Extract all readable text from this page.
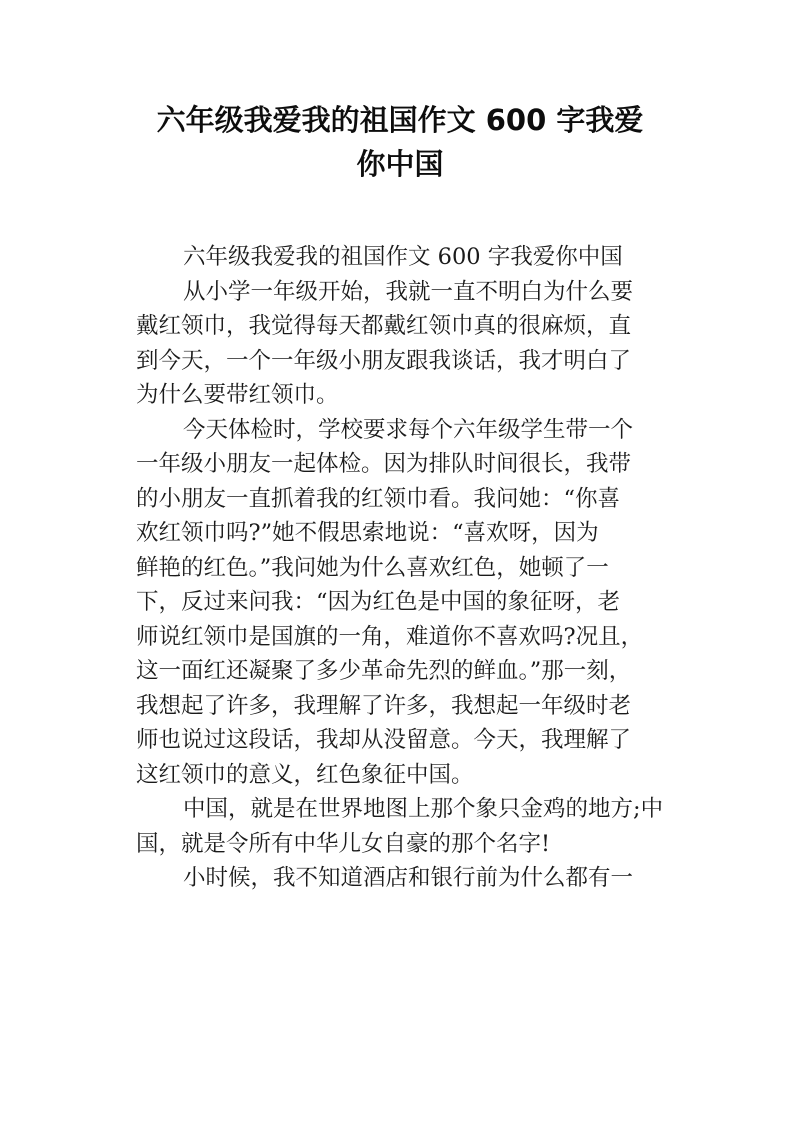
六年级我爱我的祖国作文 600 字我爱
你中国
六年级我爱我的祖国作文 600 字我爱你中国
从小学一年级开始，我就一直不明白为什么要
戴红领巾，我觉得每天都戴红领巾真的很麻烦，直
到今天，一个一年级小朋友跟我谈话，我才明白了
为什么要带红领巾。
今天体检时，学校要求每个六年级学生带一个
一年级小朋友一起体检。因为排队时间很长，我带
的小朋友一直抓着我的红领巾看。我问她：“你喜
欢红领巾吗?”她不假思索地说：“喜欢呀，因为
鲜艳的红色。”我问她为什么喜欢红色，她顿了一
下，反过来问我：“因为红色是中国的象征呀，老
师说红领巾是国旗的一角，难道你不喜欢吗?况且，
这一面红还凝聚了多少革命先烈的鲜血。”那一刻，
我想起了许多，我理解了许多，我想起一年级时老
师也说过这段话，我却从没留意。今天，我理解了
这红领巾的意义，红色象征中国。
中国，就是在世界地图上那个象只金鸡的地方;中
国，就是令所有中华儿女自豪的那个名字!
小时候，我不知道酒店和银行前为什么都有一
